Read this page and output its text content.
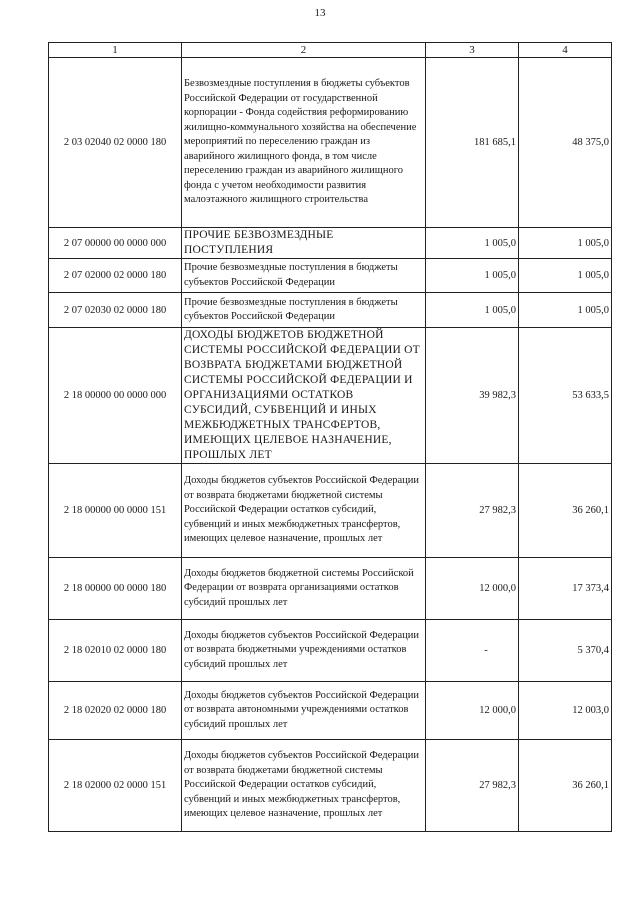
13
1	2	3	4
2 03 02040 02 0000 180	Безвозмездные поступления в бюджеты субъектов Российской Федерации от государственной корпорации - Фонда содействия реформированию жилищно-коммунального хозяйства на обеспечение мероприятий по переселению граждан из аварийного жилищного фонда, в том числе переселению граждан из аварийного жилищного фонда с учетом необходимости развития малоэтажного жилищного строительства	181 685,1	48 375,0
2 07 00000 00 0000 000	ПРОЧИЕ БЕЗВОЗМЕЗДНЫЕ ПОСТУПЛЕНИЯ	1 005,0	1 005,0
2 07 02000 02 0000 180	Прочие безвозмездные поступления в бюджеты субъектов Российской Федерации	1 005,0	1 005,0
2 07 02030 02 0000 180	Прочие безвозмездные поступления в бюджеты субъектов Российской Федерации	1 005,0	1 005,0
2 18 00000 00 0000 000	ДОХОДЫ БЮДЖЕТОВ БЮДЖЕТНОЙ СИСТЕМЫ РОССИЙСКОЙ ФЕДЕРАЦИИ ОТ ВОЗВРАТА БЮДЖЕТАМИ БЮДЖЕТНОЙ СИСТЕМЫ РОССИЙСКОЙ ФЕДЕРАЦИИ И ОРГАНИЗАЦИЯМИ ОСТАТКОВ СУБСИДИЙ, СУБВЕНЦИЙ И ИНЫХ МЕЖБЮДЖЕТНЫХ ТРАНСФЕРТОВ, ИМЕЮЩИХ ЦЕЛЕВОЕ НАЗНАЧЕНИЕ, ПРОШЛЫХ ЛЕТ	39 982,3	53 633,5
2 18 00000 00 0000 151	Доходы бюджетов субъектов Российской Федерации от возврата бюджетами бюджетной системы Российской Федерации остатков субсидий, субвенций и иных межбюджетных трансфертов, имеющих целевое назначение, прошлых лет	27 982,3	36 260,1
2 18 00000 00 0000 180	Доходы бюджетов бюджетной системы Российской Федерации от возврата организациями остатков субсидий прошлых лет	12 000,0	17 373,4
2 18 02010 02 0000 180	Доходы бюджетов субъектов Российской Федерации от возврата бюджетными учреждениями остатков субсидий прошлых лет	-	5 370,4
2 18 02020 02 0000 180	Доходы бюджетов субъектов Российской Федерации от возврата автономными учреждениями остатков субсидий прошлых лет	12 000,0	12 003,0
2 18 02000 02 0000 151	Доходы бюджетов субъектов Российской Федерации от возврата бюджетами бюджетной системы Российской Федерации остатков субсидий, субвенций и иных межбюджетных трансфертов, имеющих целевое назначение, прошлых лет	27 982,3	36 260,1
